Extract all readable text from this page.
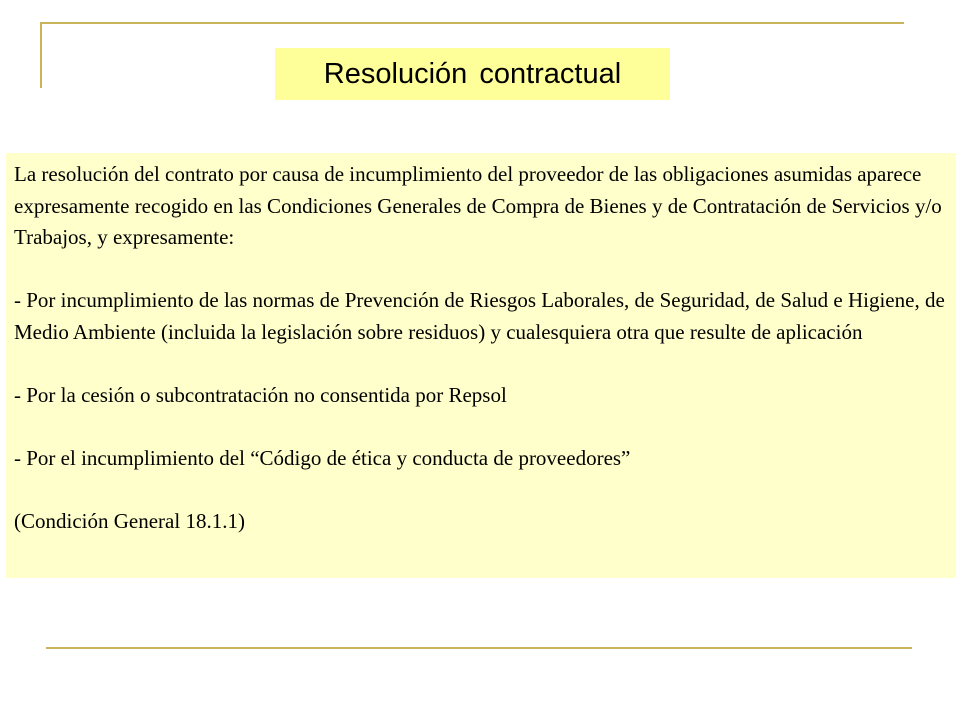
Resolución contractual

La resolución del contrato por causa de incumplimiento del proveedor de las obligaciones asumidas aparece expresamente recogido en las Condiciones Generales de Compra de Bienes y de Contratación de Servicios y/o Trabajos, y expresamente:

- Por incumplimiento de las normas de Prevención de Riesgos Laborales, de Seguridad, de Salud e Higiene, de Medio Ambiente (incluida la legislación sobre residuos) y cualesquiera otra que resulte de aplicación

- Por la cesión o subcontratación no consentida por Repsol

- Por el incumplimiento del “Código de ética y conducta de proveedores”

(Condición General 18.1.1)
